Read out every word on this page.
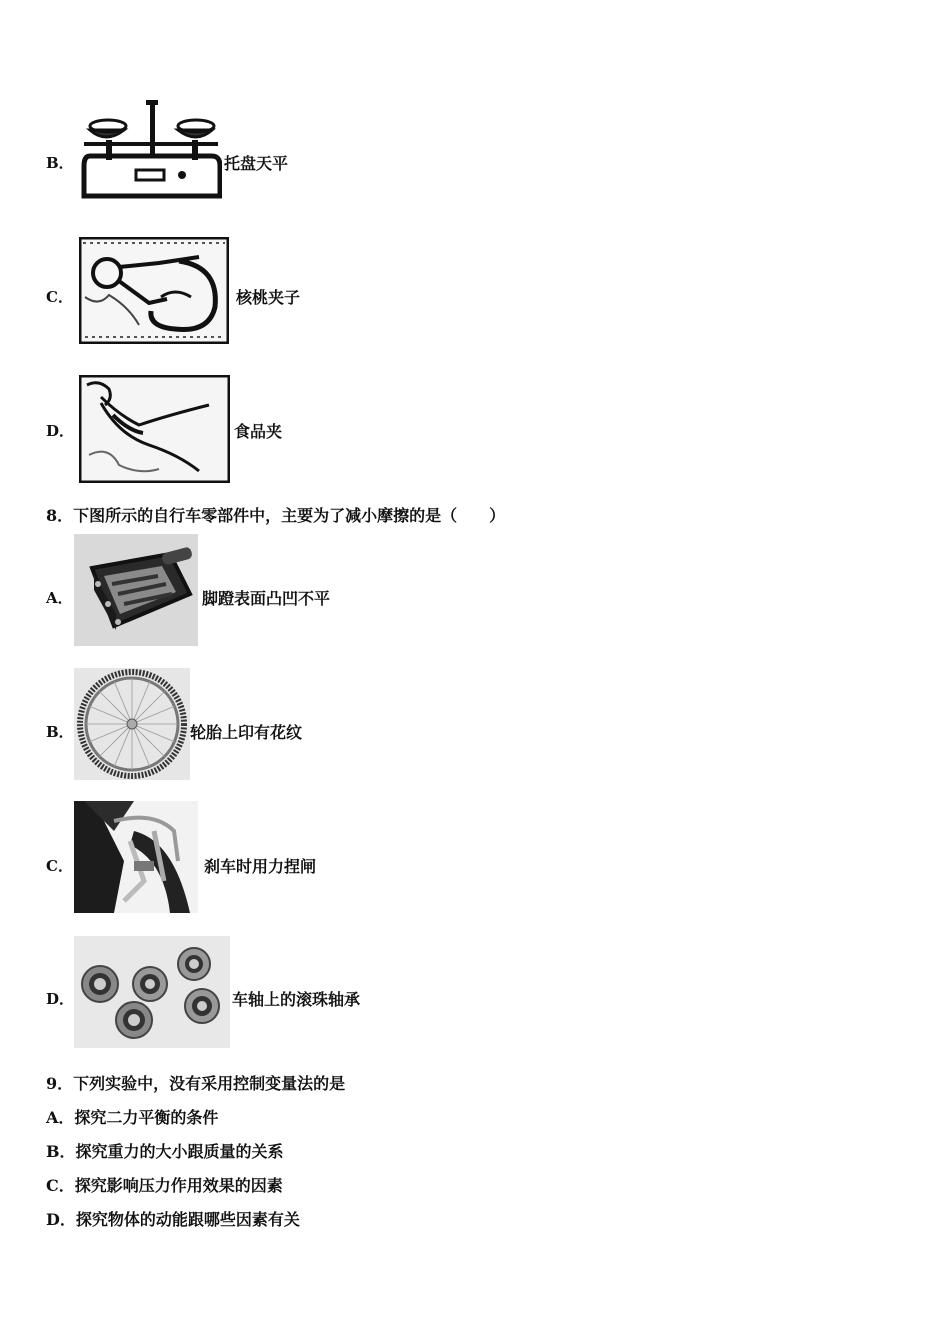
B．	托盘天平
C．	核桃夹子
D．	食品夹
8．下图所示的自行车零部件中，主要为了减小摩擦的是（　　）
A．	脚蹬表面凸凹不平
B．	轮胎上印有花纹
C．	刹车时用力捏闸
D．	车轴上的滚珠轴承
9．下列实验中，没有采用控制变量法的是
A．探究二力平衡的条件
B．探究重力的大小跟质量的关系
C．探究影响压力作用效果的因素
D．探究物体的动能跟哪些因素有关
